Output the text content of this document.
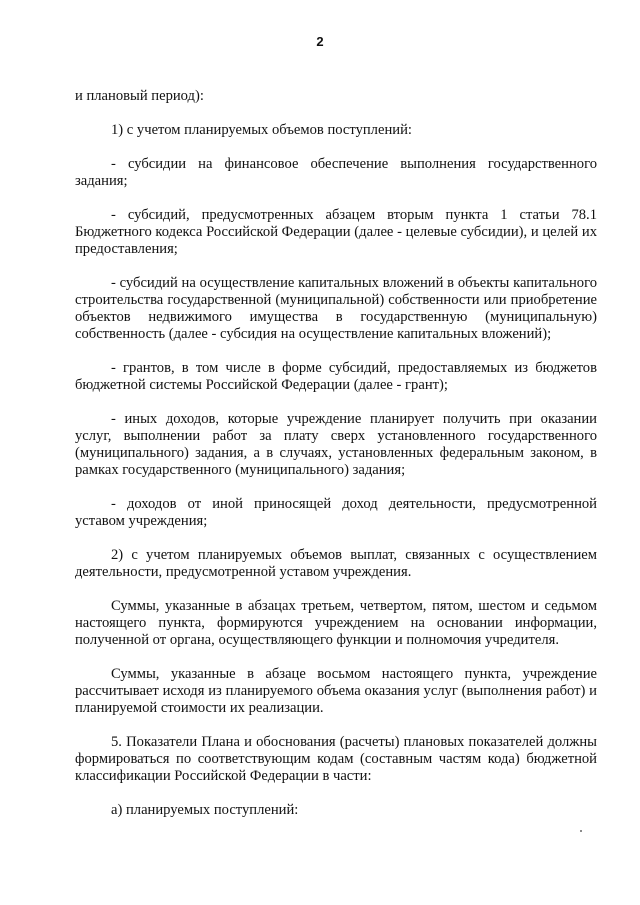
2

и плановый период):

1) с учетом планируемых объемов поступлений:

- субсидии на финансовое обеспечение выполнения государственного задания;

- субсидий, предусмотренных абзацем вторым пункта 1 статьи 78.1 Бюджетного кодекса Российской Федерации (далее - целевые субсидии), и целей их предоставления;

- субсидий на осуществление капитальных вложений в объекты капитального строительства государственной (муниципальной) собственности или приобретение объектов недвижимого имущества в государственную (муниципальную) собственность (далее - субсидия на осуществление капитальных вложений);

- грантов, в том числе в форме субсидий, предоставляемых из бюджетов бюджетной системы Российской Федерации (далее - грант);

- иных доходов, которые учреждение планирует получить при оказании услуг, выполнении работ за плату сверх установленного государственного (муниципального) задания, а в случаях, установленных федеральным законом, в рамках государственного (муниципального) задания;

- доходов от иной приносящей доход деятельности, предусмотренной уставом учреждения;

2) с учетом планируемых объемов выплат, связанных с осуществлением деятельности, предусмотренной уставом учреждения.

Суммы, указанные в абзацах третьем, четвертом, пятом, шестом и седьмом настоящего пункта, формируются учреждением на основании информации, полученной от органа, осуществляющего функции и полномочия учредителя.

Суммы, указанные в абзаце восьмом настоящего пункта, учреждение рассчитывает исходя из планируемого объема оказания услуг (выполнения работ) и планируемой стоимости их реализации.

5. Показатели Плана и обоснования (расчеты) плановых показателей должны формироваться по соответствующим кодам (составным частям кода) бюджетной классификации Российской Федерации в части:

а) планируемых поступлений:
